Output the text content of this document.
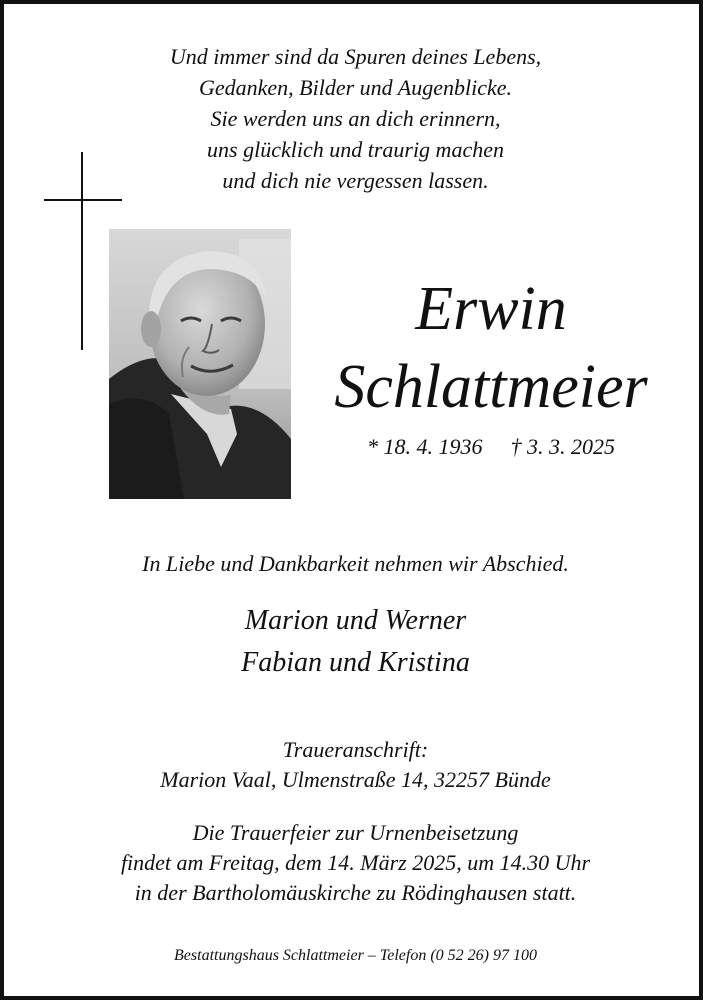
Und immer sind da Spuren deines Lebens,
Gedanken, Bilder und Augenblicke.
Sie werden uns an dich erinnern,
uns glücklich und traurig machen
und dich nie vergessen lassen.
Erwin
Schlattmeier
* 18. 4. 1936 † 3. 3. 2025
In Liebe und Dankbarkeit nehmen wir Abschied.
Marion und Werner
Fabian und Kristina
Traueranschrift:
Marion Vaal, Ulmenstraße 14, 32257 Bünde
Die Trauerfeier zur Urnenbeisetzung
findet am Freitag, dem 14. März 2025, um 14.30 Uhr
in der Bartholomäuskirche zu Rödinghausen statt.
Bestattungshaus Schlattmeier – Telefon (0 52 26) 97 100
